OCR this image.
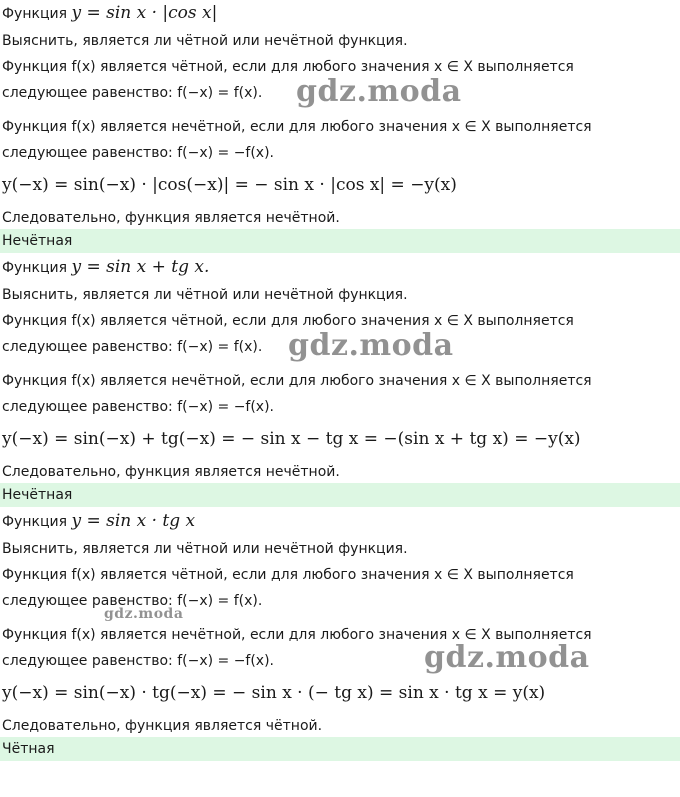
Функция y = sin x · |cos x|
Выяснить, является ли чётной или нечётной функция.
Функция f(x) является чётной, если для любого значения x ∈ X выполняется
следующее равенство: f(−x) = f(x).
Функция f(x) является нечётной, если для любого значения x ∈ X выполняется
следующее равенство: f(−x) = −f(x).
y(−x) = sin(−x) · |cos(−x)| = − sin x · |cos x| = −y(x)
Следовательно, функция является нечётной.
Нечётная
Функция y = sin x + tg x.
Выяснить, является ли чётной или нечётной функция.
Функция f(x) является чётной, если для любого значения x ∈ X выполняется
следующее равенство: f(−x) = f(x).
Функция f(x) является нечётной, если для любого значения x ∈ X выполняется
следующее равенство: f(−x) = −f(x).
y(−x) = sin(−x) + tg(−x) = − sin x − tg x = −(sin x + tg x) = −y(x)
Следовательно, функция является нечётной.
Нечётная
Функция y = sin x · tg x
Выяснить, является ли чётной или нечётной функция.
Функция f(x) является чётной, если для любого значения x ∈ X выполняется
следующее равенство: f(−x) = f(x).
Функция f(x) является нечётной, если для любого значения x ∈ X выполняется
следующее равенство: f(−x) = −f(x).
y(−x) = sin(−x) · tg(−x) = − sin x · (− tg x) = sin x · tg x = y(x)
Следовательно, функция является чётной.
Чётная
gdz.moda
gdz.moda
gdz.moda
gdz.moda
